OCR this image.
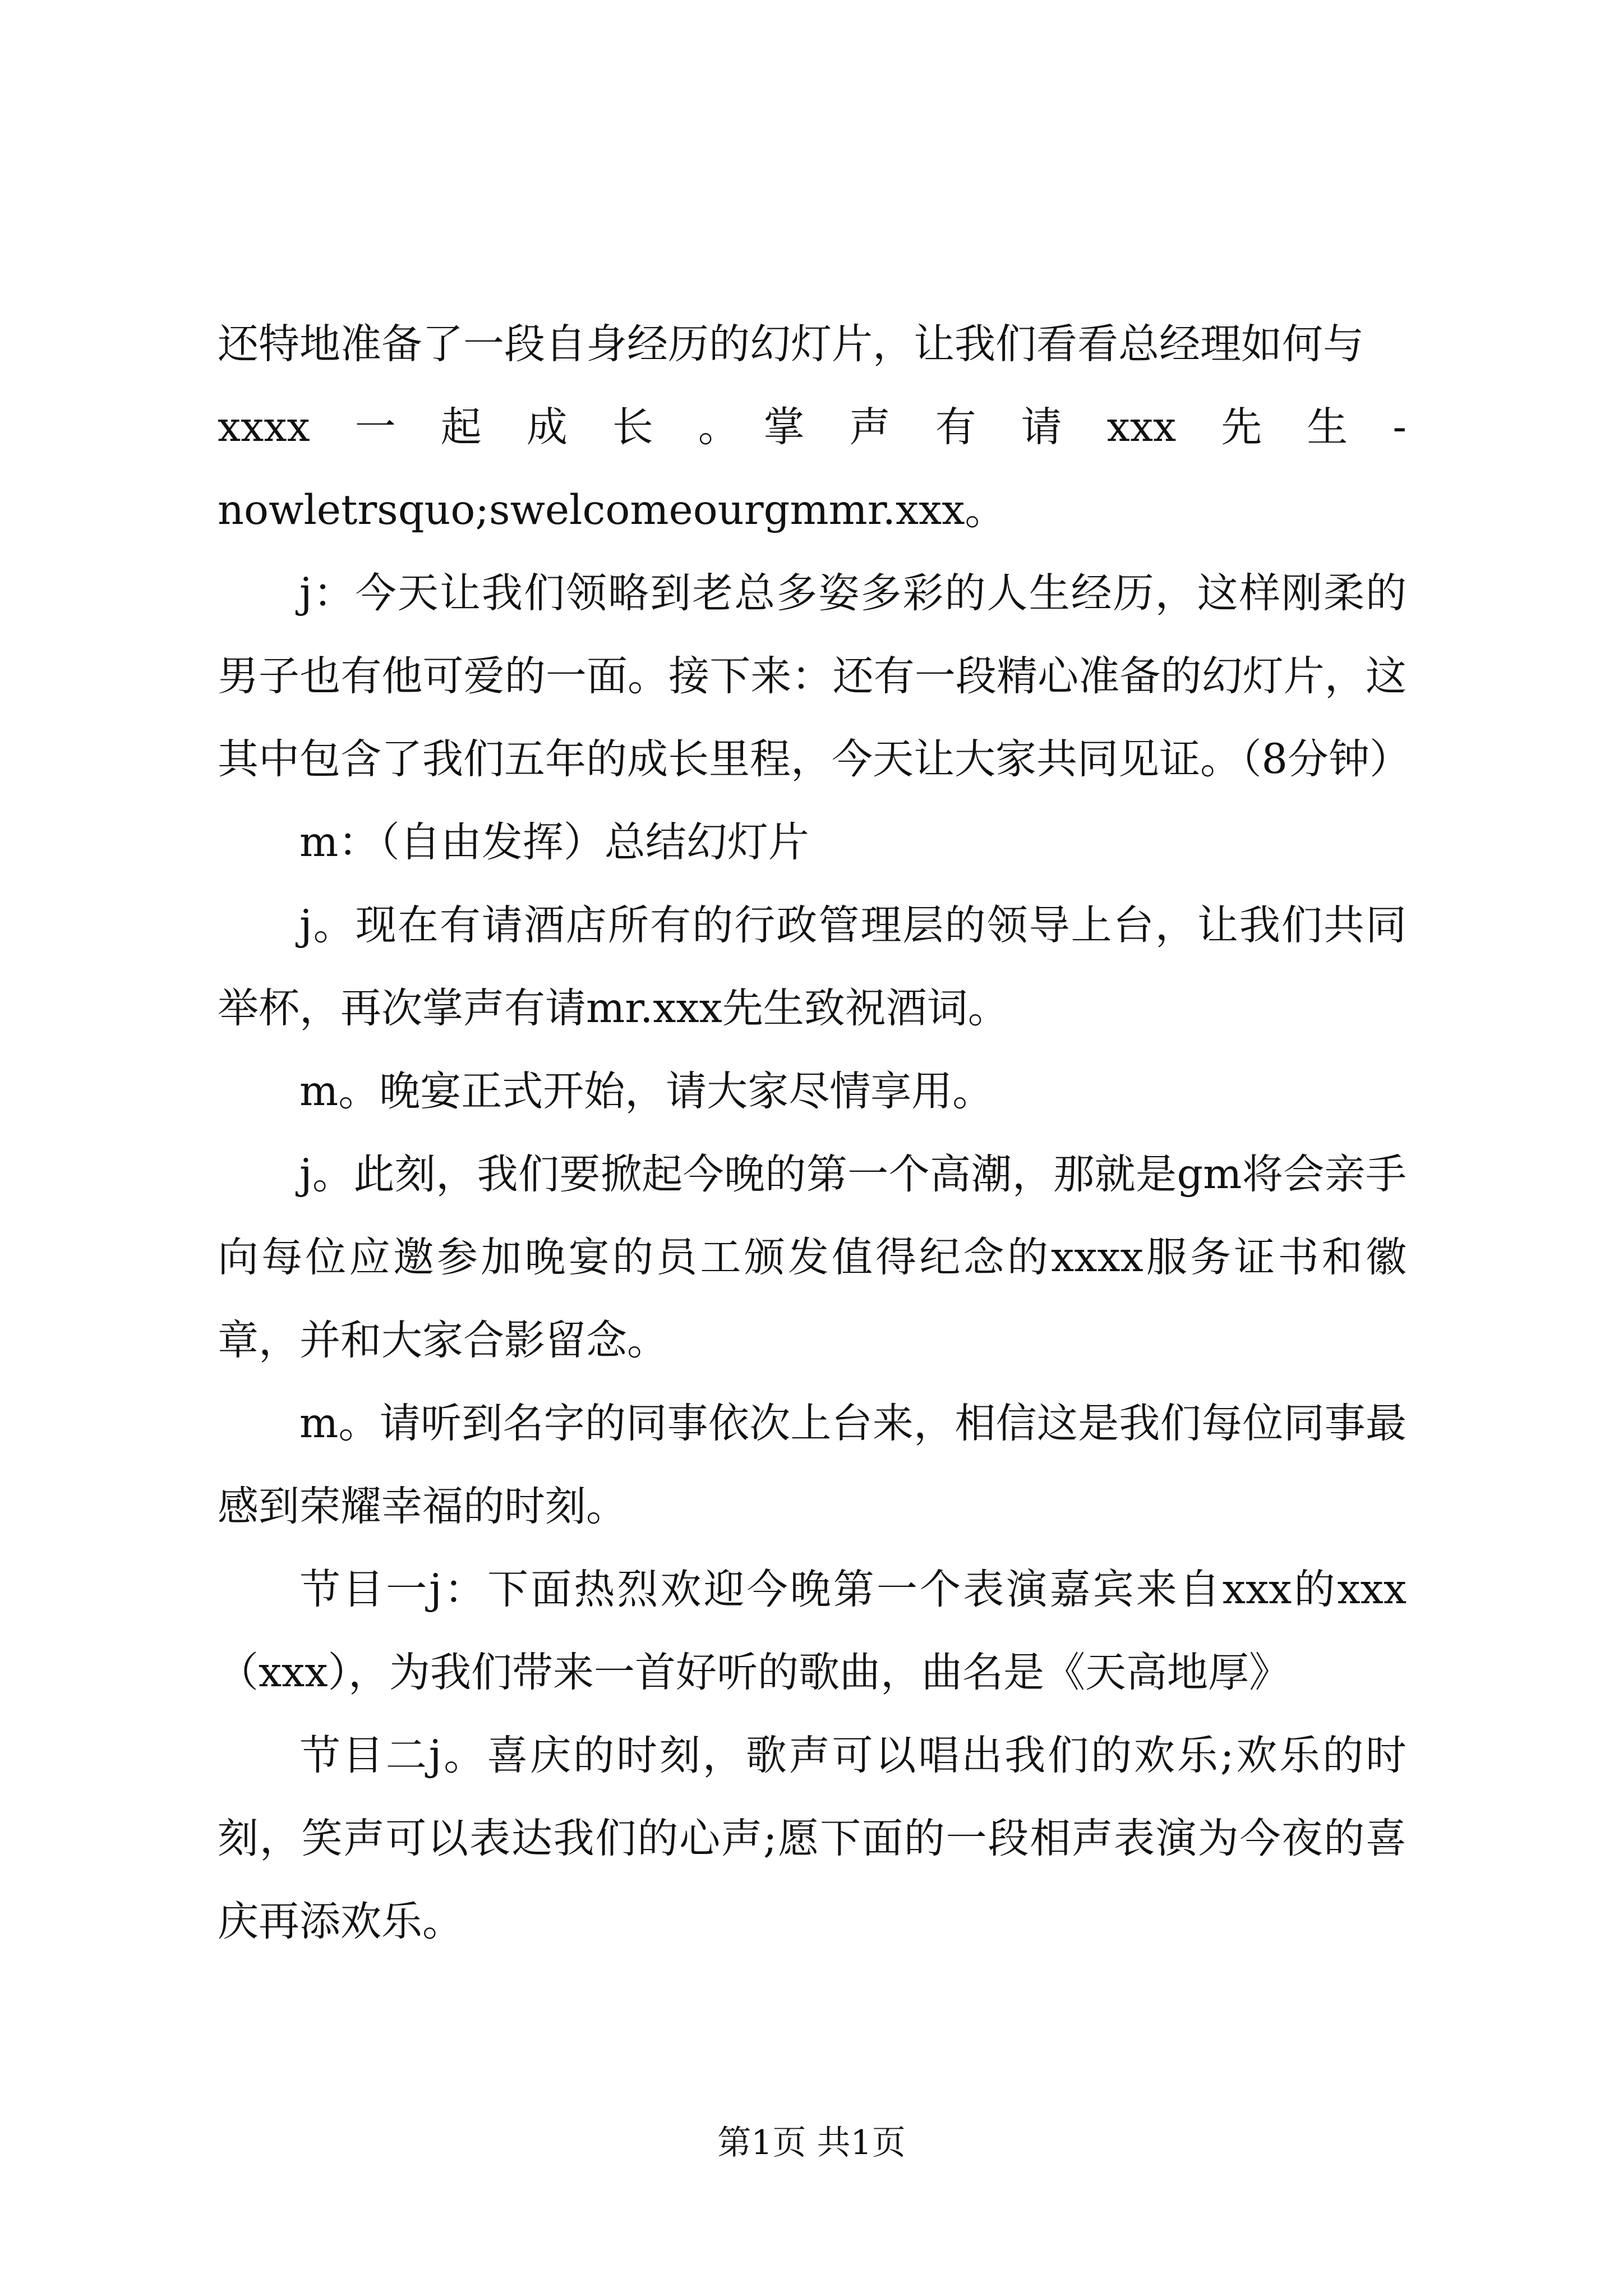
还特地准备了一段自身经历的幻灯片，让我们看看总经理如何与

xxxx　一　起　成　长　。　掌　声　有　请　xxx　先　生　-

nowletrsquo;swelcomeourgmmr.xxx。

j：今天让我们领略到老总多姿多彩的人生经历，这样刚柔的男子也有他可爱的一面。接下来：还有一段精心准备的幻灯片，这其中包含了我们五年的成长里程，今天让大家共同见证。（8分钟）

m：（自由发挥）总结幻灯片

j。现在有请酒店所有的行政管理层的领导上台，让我们共同举杯，再次掌声有请mr.xxx先生致祝酒词。

m。晚宴正式开始，请大家尽情享用。

j。此刻，我们要掀起今晚的第一个高潮，那就是gm将会亲手向每位应邀参加晚宴的员工颁发值得纪念的xxxx服务证书和徽章，并和大家合影留念。

m。请听到名字的同事依次上台来，相信这是我们每位同事最感到荣耀幸福的时刻。

节目一j：下面热烈欢迎今晚第一个表演嘉宾来自xxx的xxx（xxx），为我们带来一首好听的歌曲，曲名是《天高地厚》

节目二j。喜庆的时刻，歌声可以唱出我们的欢乐;欢乐的时刻，笑声可以表达我们的心声;愿下面的一段相声表演为今夜的喜庆再添欢乐。

第1页 共1页
